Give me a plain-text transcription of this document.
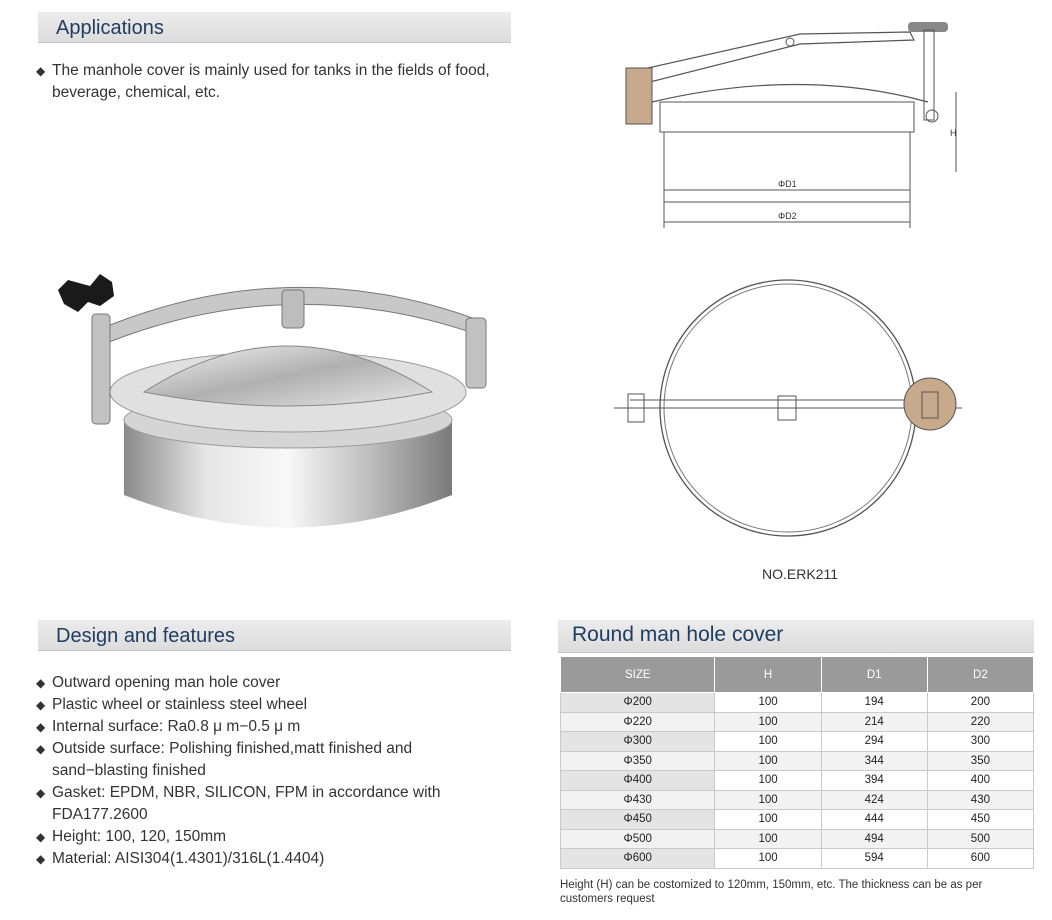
Applications

◆ The manhole cover is mainly used for tanks in the fields of food, beverage, chemical, etc.

ΦD1
ΦD2
H
NO.ERK211
Design and features

◆ Outward opening man hole cover

◆ Plastic wheel or stainless steel wheel

◆ Internal surface: Ra0.8 μ m−0.5 μ m

◆ Outside surface: Polishing finished,matt finished and sand−blasting finished

◆ Gasket: EPDM, NBR, SILICON, FPM in accordance with FDA177.2600

◆ Height: 100, 120, 150mm

◆ Material: AISI304(1.4301)/316L(1.4404)

Round man hole cover
SIZE	H	D1	D2
Φ200	100	194	200
Φ220	100	214	220
Φ300	100	294	300
Φ350	100	344	350
Φ400	100	394	400
Φ430	100	424	430
Φ450	100	444	450
Φ500	100	494	500
Φ600	100	594	600
Height (H) can be costomized to 120mm, 150mm, etc. The thickness can be as per customers request
